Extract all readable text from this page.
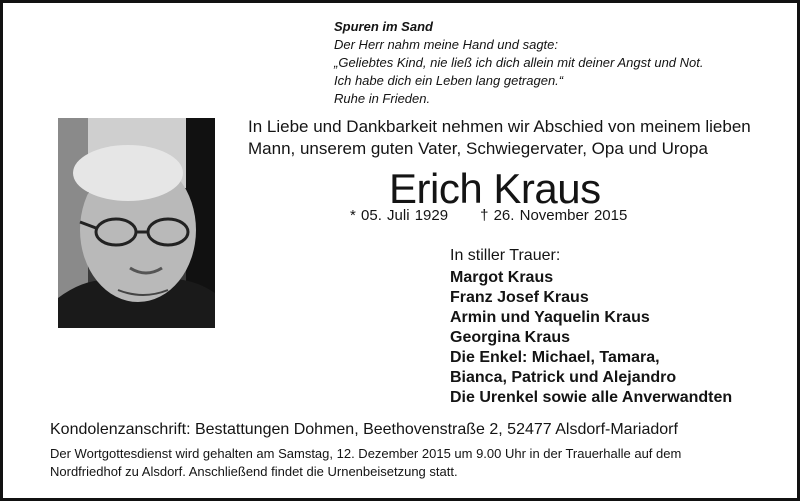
Spuren im Sand
Der Herr nahm meine Hand und sagte:
„Geliebtes Kind, nie ließ ich dich allein mit deiner Angst und Not.
Ich habe dich ein Leben lang getragen.“
Ruhe in Frieden.
In Liebe und Dankbarkeit nehmen wir Abschied von meinem lieben
Mann, unserem guten Vater, Schwiegervater, Opa und Uropa
Erich Kraus
* 05. Juli 1929 † 26. November 2015
In stiller Trauer:
Margot Kraus
Franz Josef Kraus
Armin und Yaquelin Kraus
Georgina Kraus
Die Enkel: Michael, Tamara,
Bianca, Patrick und Alejandro
Die Urenkel sowie alle Anverwandten
Kondolenzanschrift: Bestattungen Dohmen, Beethovenstraße 2, 52477 Alsdorf-Mariadorf
Der Wortgottesdienst wird gehalten am Samstag, 12. Dezember 2015 um 9.00 Uhr in der Trauerhalle auf dem
Nordfriedhof zu Alsdorf. Anschließend findet die Urnenbeisetzung statt.
